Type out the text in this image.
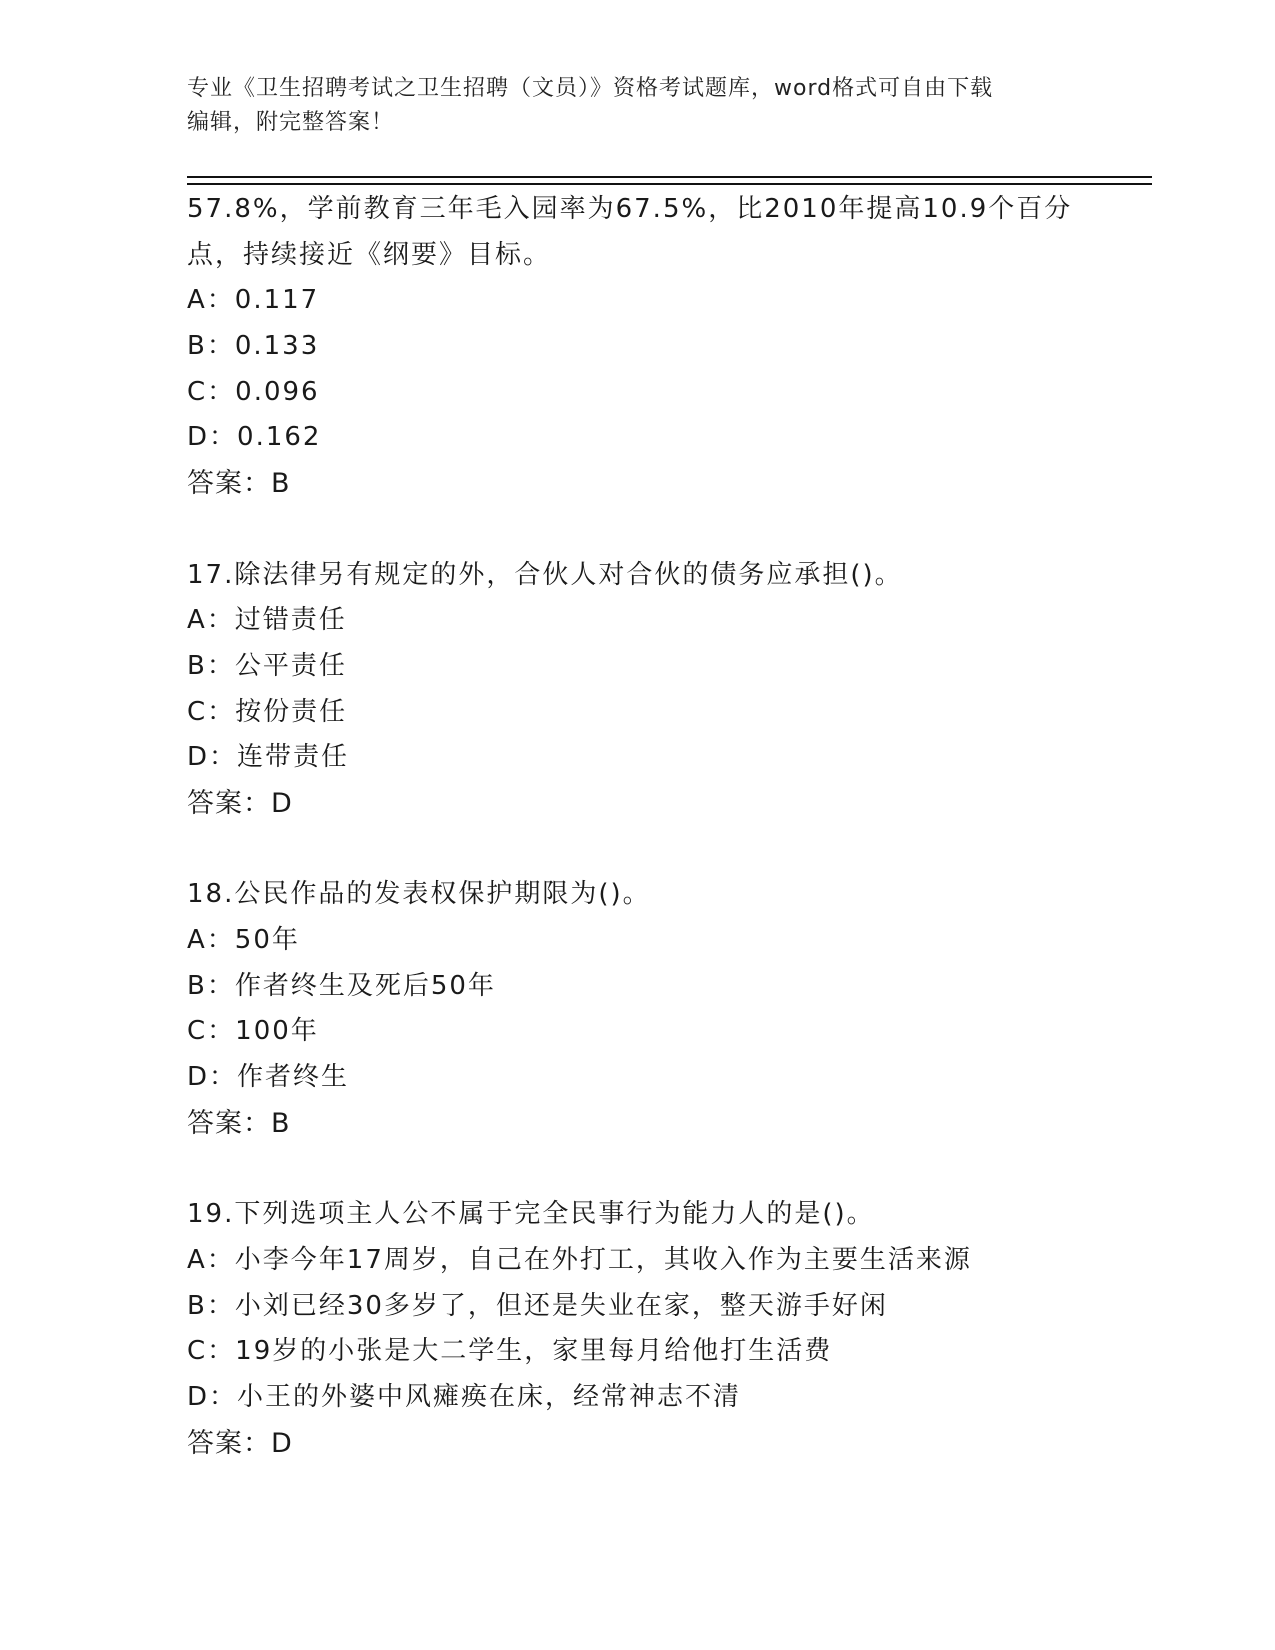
专业《卫生招聘考试之卫生招聘（文员）》资格考试题库，word格式可自由下载
编辑，附完整答案！
57.8%，学前教育三年毛入园率为67.5%，比2010年提高10.9个百分
点，持续接近《纲要》目标。
A：0.117
B：0.133
C：0.096
D：0.162
答案：B
17.除法律另有规定的外，合伙人对合伙的债务应承担()。
A：过错责任
B：公平责任
C：按份责任
D：连带责任
答案：D
18.公民作品的发表权保护期限为()。
A：50年
B：作者终生及死后50年
C：100年
D：作者终生
答案：B
19.下列选项主人公不属于完全民事行为能力人的是()。
A：小李今年17周岁，自己在外打工，其收入作为主要生活来源
B：小刘已经30多岁了，但还是失业在家，整天游手好闲
C：19岁的小张是大二学生，家里每月给他打生活费
D：小王的外婆中风瘫痪在床，经常神志不清
答案：D
